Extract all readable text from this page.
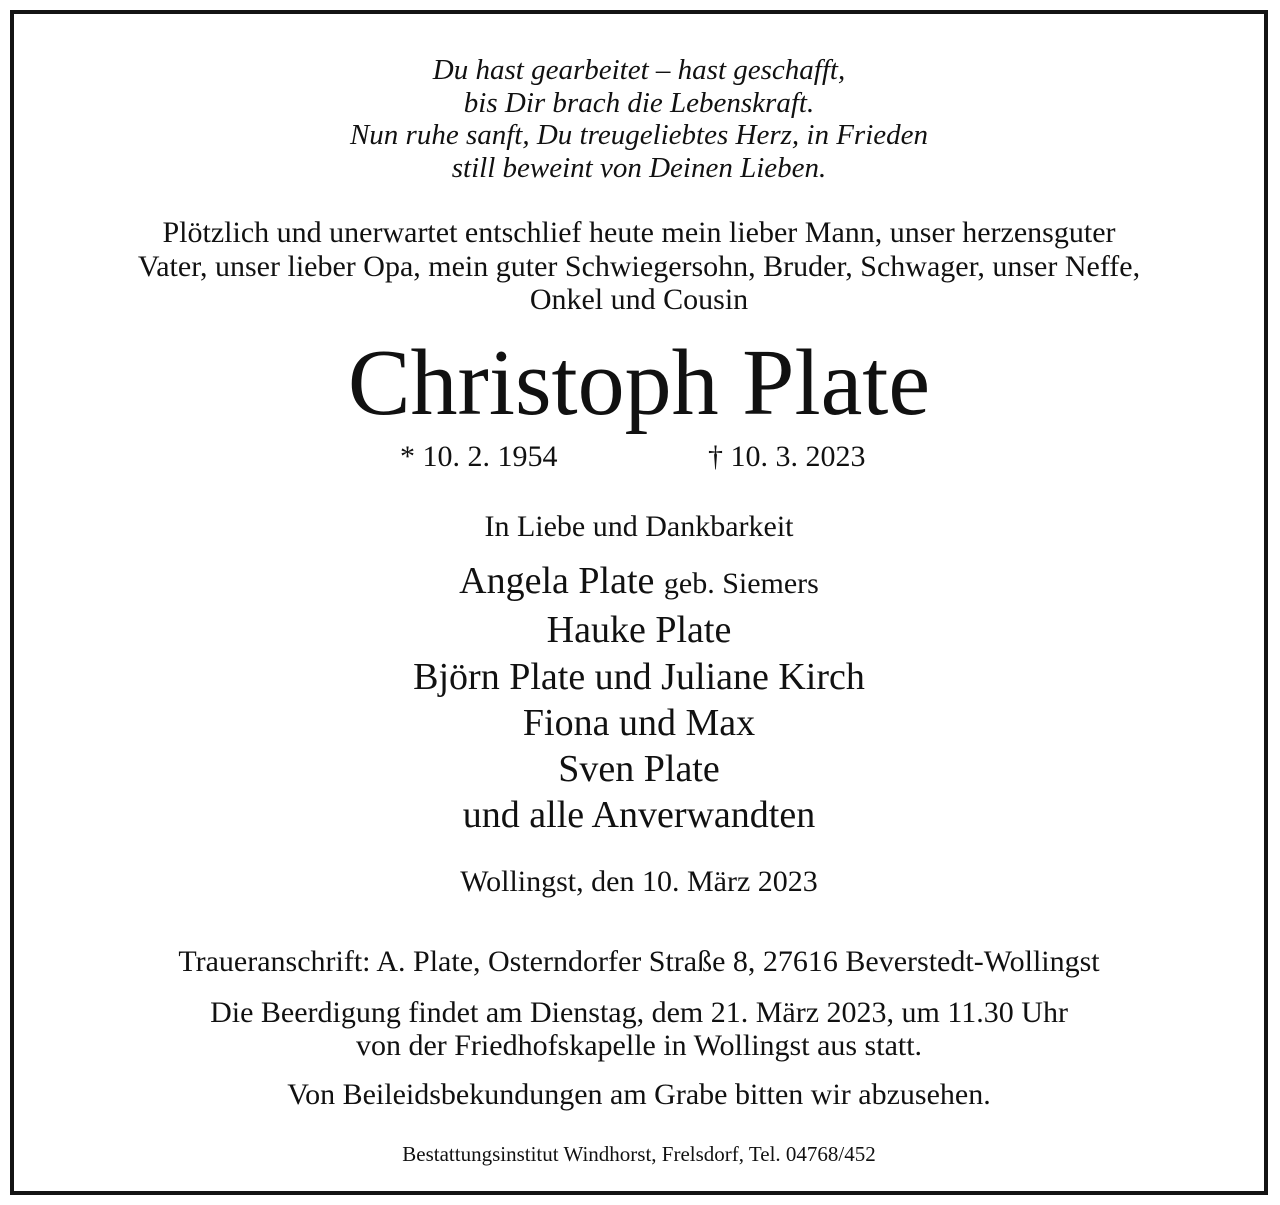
Du hast gearbeitet – hast geschafft,
bis Dir brach die Lebenskraft.
Nun ruhe sanft, Du treugeliebtes Herz, in Frieden
still beweint von Deinen Lieben.
Plötzlich und unerwartet entschlief heute mein lieber Mann, unser herzensguter
Vater, unser lieber Opa, mein guter Schwiegersohn, Bruder, Schwager, unser Neffe,
Onkel und Cousin
Christoph Plate
* 10. 2. 1954	† 10. 3. 2023
In Liebe und Dankbarkeit
Angela Plate geb. Siemers
Hauke Plate
Björn Plate und Juliane Kirch
Fiona und Max
Sven Plate
und alle Anverwandten
Wollingst, den 10. März 2023
Traueranschrift: A. Plate, Osterndorfer Straße 8, 27616 Beverstedt-Wollingst
Die Beerdigung findet am Dienstag, dem 21. März 2023, um 11.30 Uhr
von der Friedhofskapelle in Wollingst aus statt.
Von Beileidsbekundungen am Grabe bitten wir abzusehen.
Bestattungsinstitut Windhorst, Frelsdorf, Tel. 04768/452
